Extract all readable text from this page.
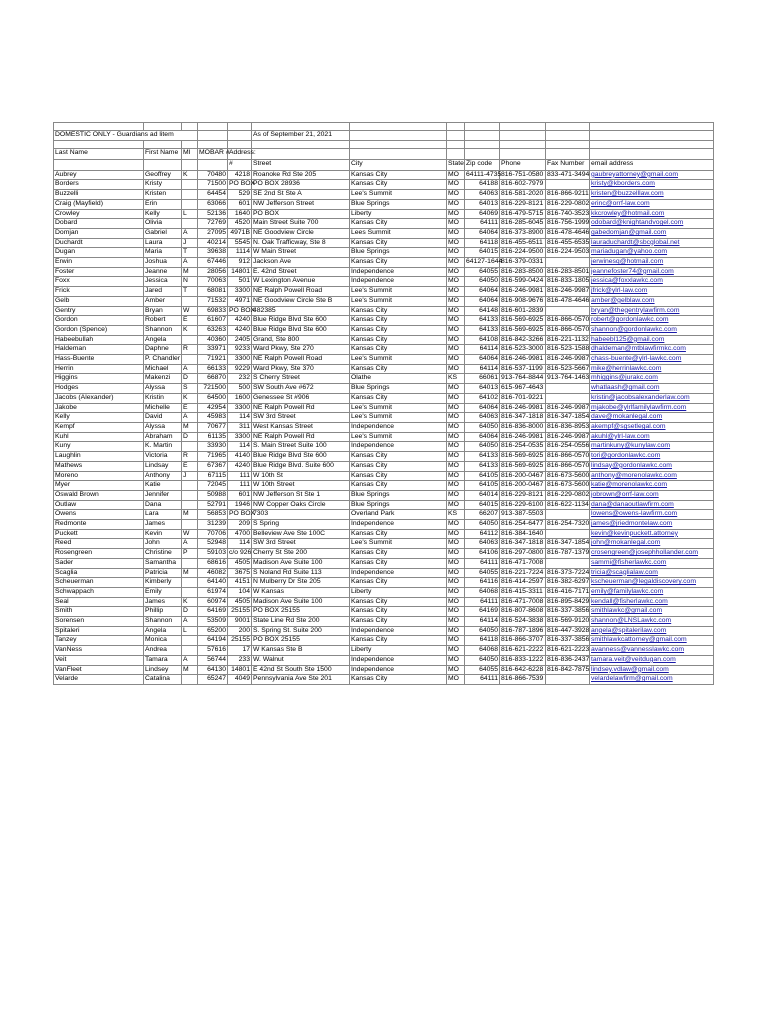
DOMESTIC ONLY - Guardians ad litem					As of September 21, 2021						

Last Name	First Name	MI	MOBAR #	Address:							
				#	Street	City	State	Zip code	Phone	Fax Number	email address
Aubrey	Geoffrey	K	70480	4218	Roanoke Rd Ste 205	Kansas City	MO	64111-4735	816-751-0580	833-471-3494	gaubreyattorney@gmail.com
Borders	Kristy		71500	PO BOX	PO BOX 28936	Kansas City	MO	64188	816-602-7979		kristy@kborders.com
Buzzelli	Kristen		64454	529	SE 2nd St Ste A	Lee's Summit	MO	64063	816-581-2020	816-866-9211	kristen@buzzelllaw.com
Craig (Mayfield)	Erin		63066	601	NW Jefferson Street	Blue Springs	MO	64013	816-229-8121	816-229-0802	erinc@orrf-law.com
Crowley	Kelly	L	52136	1640	PO BOX	Liberty	MO	64069	816-479-5715	816-740-3523	kkcrowley@hotmail.com
Dobard	Olivia		72769	4520	Main Street Suite 700	Kansas City	MO	64111	816-285-6045	816-756-1999	odobard@knightandvogel.com
Domjan	Gabriel	A	27095	4971B	NE Goodview Circle	Lees Summit	MO	64064	816-373-8900	816-478-4646	gabedomjan@gmail.com
Duchardt	Laura	J	40214	5545	N. Oak Trafficway, Ste 8	Kansas City	MO	64118	816-455-6511	816-455-6535	lauraduchardt@sbcglobal.net
Dugan	Maria	T	39638	1114	W Main Street	Blue Springs	MO	64015	816-224-9500	816-224-9503	mariadugan@yahoo.com
Erwin	Joshua	A	67446	912	Jackson Ave	Kansas City	MO	64127-1644	816-379-0331		jerwinesq@hotmail.com
Foster	Jeanne	M	28056	14801	E. 42nd Street	Independence	MO	64055	816-283-8500	816-283-8501	jeannefoster74@gmail.com
Foxx	Jessica	N	70063	501	W Lexington Avenue	Independence	MO	64050	816-599-0424	816-833-1805	jessica@foxxlawkc.com
Frick	Jared	T	68081	3300	NE Ralph Powell Road	Lee's Summit	MO	64064	816-246-9981	816-246-9987	jfrick@ylrl-law.com
Gelb	Amber		71532	4971	NE Goodview Circle Ste B	Lee's Summit	MO	64064	816-908-9676	816-478-4646	amber@gelblaw.com
Gentry	Bryan	W	69833	PO BOX	482385	Kansas City	MO	64148	816-601-2839		bryan@thegentrylawfirm.com
Gordon	Robert	E	61607	4240	Blue Ridge Blvd Ste 600	Kansas City	MO	64133	816-569-6925	816-866-0570	robert@gordonlawkc.com
Gordon (Spence)	Shannon	K	63263	4240	Blue Ridge Blvd Ste 600	Kansas City	MO	64133	816-569-6925	816-866-0570	shannon@gordonlawkc.com
Habeebullah	Angela		40360	2405	Grand, Ste 800	Kansas City	MO	64108	816-842-3266	816-221-1132	habeebl125@gmail.com
Haldeman	Daphne	R	33971	9233	Ward Pkwy, Ste 270	Kansas City	MO	64114	816-523-3000	816-523-1588	dhaldeman@mtblawfirmkc.com
Hass-Buente	P. Chandler		71921	3300	NE Ralph Powell Road	Lee's Summit	MO	64064	816-246-9981	816-246-9987	chass-buente@ylrl-lawkc.com
Herrin	Michael	A	66133	9229	Ward Pkwy, Ste 370	Kansas City	MO	64114	816-537-1199	816-523-5667	mike@herrinlawkc.com
Higgins	Makenzi	D	66870	232	S Cherry Street	Olathe	KS	66061	913-764-8844	913-764-1463	mhiggins@jurakc.com
Hodges	Alyssa	S	721500	500	SW South Ave #672	Blue Springs	MO	64013	615-967-4643		whatlaash@gmail.com
Jacobs (Alexander)	Kristin	K	64500	1600	Genessee St #906	Kansas City	MO	64102	816-701-9221		kristin@jacobsalexanderlaw.com
Jakobe	Michelle	E	42954	3300	NE Ralph Powell Rd	Lee's Summit	MO	64064	816-246-9981	816-246-9987	mjakobe@ylrlfamilylawfirm.com
Kelly	David	A	45983	114	SW 3rd Street	Lee's Summit	MO	64063	816-347-1818	816-347-1854	dave@mokanlegal.com
Kempf	Alyssa	M	70677	311	West Kansas Street	Independence	MO	64050	816-836-8000	816-836-8953	akempf@sgsetlegal.com
Kuhl	Abraham	D	61135	3300	NE Ralph Powell Rd	Lee's Summit	MO	64064	816-246-9981	816-246-9987	akuhl@ylrl-law.com
Kuny	K. Martin		33930	114	S. Main Street Suite 100	Independence	MO	64050	816-254-0535	816-254-0556	martinkuny@kunylaw.com
Laughlin	Victoria	R	71965	4140	Blue Ridge Blvd Ste 600	Kansas City	MO	64133	816-569-6925	816-866-0570	tori@gordonlawkc.com
Mathews	Lindsay	E	67367	4240	Blue Ridge Blvd. Suite 600	Kansas City	MO	64133	816-569-6925	816-866-0570	lindsay@gordonlawkc.com
Moreno	Anthony	J	67115	111	W 10th St	Kansas City	MO	64105	816-200-0467	816-673-5600	anthony@morenolawkc.com
Myer	Katie		72045	111	W 10th Street	Kansas City	MO	64105	816-200-0467	816-673-5600	katie@morenolawkc.com
Oswald Brown	Jennifer		50988	601	NW Jefferson St Ste 1	Blue Springs	MO	64014	816-229-8121	816-229-0802	jobrown@orrf-law.com
Outlaw	Dana		52791	1946	NW Copper Oaks Circle	Blue Springs	MO	64015	816-229-6100	816-622-1134	dana@danaoutlawfirm.com
Owens	Lara	M	56853	PO BOX	7303	Overland Park	KS	66207	913-387-5503		lowens@owens-lawfirm.com
Redmonte	James		31239	209	S Spring	Independence	MO	64050	816-254-6477	816-254-7320	james@jriedmontelaw.com
Puckett	Kevin	W	70706	4700	Belleview Ave Ste 100C	Kansas City	MO	64112	816-384-1640		kevin@kevinpuckett.attorney
Reed	John	A	52948	114	SW 3rd Street	Lee's Summit	MO	64063	816-347-1818	816-347-1854	john@mokanlegal.com
Rosengreen	Christine	P	59103	c/o 926	Cherry St Ste 200	Kansas City	MO	64106	816-297-0800	816-787-1379	crosengreen@josephhollander.com
Sader	Samantha		68616	4505	Madison Ave Suite 100	Kansas City	MO	64111	816-471-7008		sammi@fisherlawkc.com
Scaglia	Patricia	M	46082	3675	S Noland Rd Suite 113	Independence	MO	64055	816-221-7224	816-373-7224	tricia@scaglialaw.com
Scheuerman	Kimberly		64140	4151	N Mulberry Dr Ste 205	Kansas City	MO	64116	816-414-2597	816-382-6297	kscheuerman@legaldiscovery.com
Schwappach	Emily		61974	104	W Kansas	Liberty	MO	64068	816-415-3311	816-416-7171	emily@familylawkc.com
Seal	James	K	60974	4505	Madison Ave Suite 100	Kansas City	MO	64111	816-471-7008	816-895-8429	kendall@fisherlawkc.com
Smith	Phillip	D	64169	25155	PO BOX 25155	Kansas City	MO	64169	816-807-8608	816-337-3856	smithlawkc@gmail.com
Sorensen	Shannon	A	53509	9001	State Line Rd Ste 200	Kansas City	MO	64114	816-524-3838	816-569-9120	shannon@LNSLawkc.com
Spitaleri	Angela	L	65200	200	S. Spring St. Suite 200	Independence	MO	64050	816-787-1896	816-447-3928	angela@spitalerilaw.com
Tanzey	Monica		64194	25155	PO BOX 25155	Kansas City	MO	64118	816-866-3707	816-337-3856	smithlawkcattorney@gmail.com
VanNess	Andrea		57616	17	W Kansas Ste B	Liberty	MO	64068	816-621-2222	816-621-2223	avanness@vannesslawkc.com
Veit	Tamara	A	56744	233	W. Walnut	Independence	MO	64050	816-833-1222	816-836-2437	tamara.veit@veitdugan.com
VanFleet	Lindsey	M	64130	14801	E 42nd St South Ste 1500	Independence	MO	64055	816-642-6228	816-842-7875	lindsey.vdlaw@gmail.com
Velarde	Catalina		65247	4049	Pennsylvania Ave Ste 201	Kansas City	MO	64111	816-866-7539		velardelawfirm@gmail.com
